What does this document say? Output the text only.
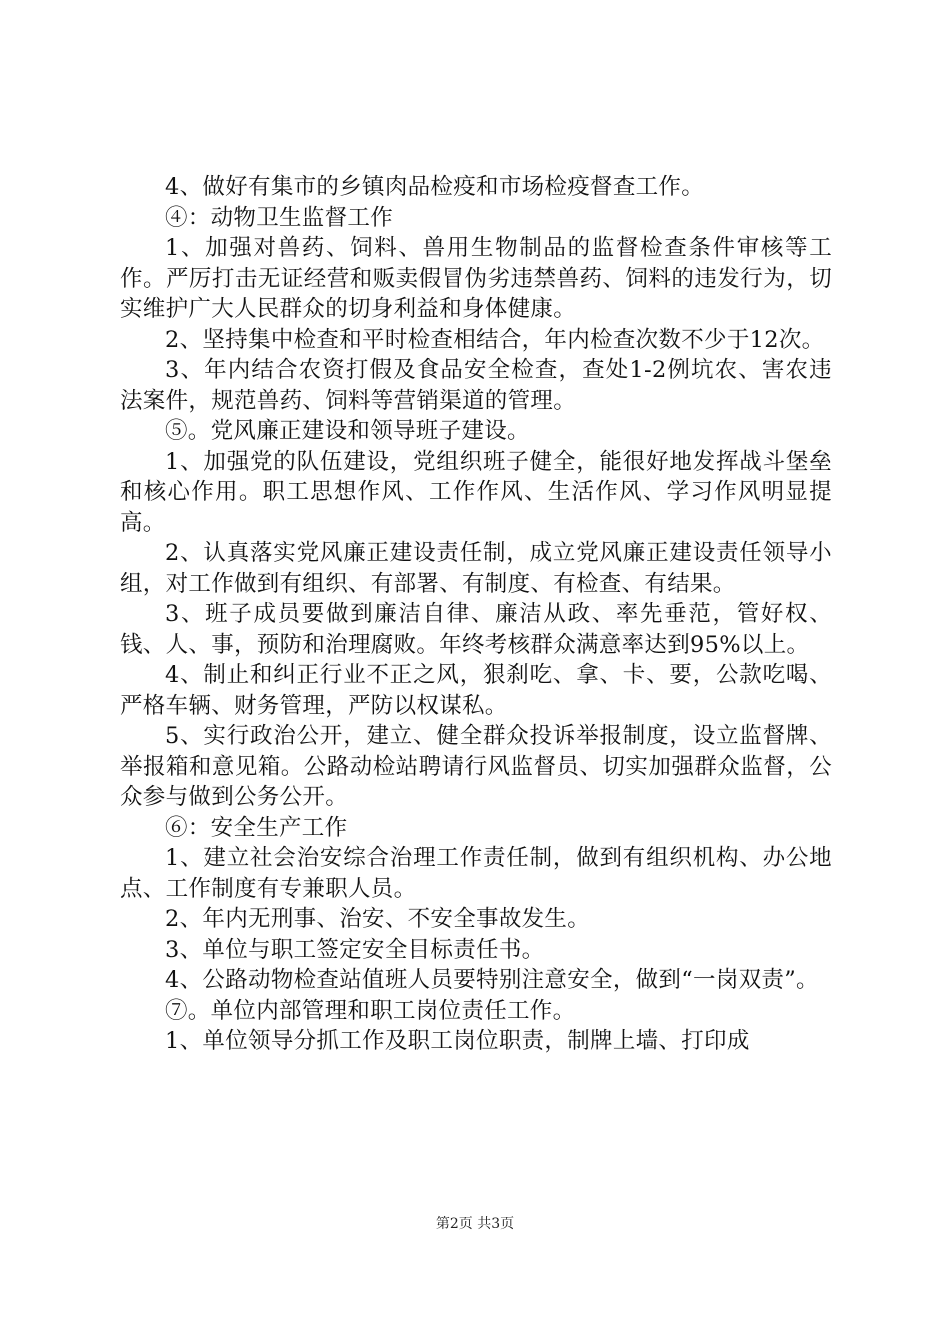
4、做好有集市的乡镇肉品检疫和市场检疫督查工作。

④：动物卫生监督工作

1、加强对兽药、饲料、兽用生物制品的监督检查条件审核等工作。严厉打击无证经营和贩卖假冒伪劣违禁兽药、饲料的违发行为，切实维护广大人民群众的切身利益和身体健康。

2、坚持集中检查和平时检查相结合，年内检查次数不少于12次。

3、年内结合农资打假及食品安全检查，查处1-2例坑农、害农违法案件，规范兽药、饲料等营销渠道的管理。

⑤。党风廉正建设和领导班子建设。

1、加强党的队伍建设，党组织班子健全，能很好地发挥战斗堡垒和核心作用。职工思想作风、工作作风、生活作风、学习作风明显提高。

2、认真落实党风廉正建设责任制，成立党风廉正建设责任领导小组，对工作做到有组织、有部署、有制度、有检查、有结果。

3、班子成员要做到廉洁自律、廉洁从政、率先垂范，管好权、钱、人、事，预防和治理腐败。年终考核群众满意率达到95%以上。

4、制止和纠正行业不正之风，狠刹吃、拿、卡、要，公款吃喝、严格车辆、财务管理，严防以权谋私。

5、实行政治公开，建立、健全群众投诉举报制度，设立监督牌、举报箱和意见箱。公路动检站聘请行风监督员、切实加强群众监督，公众参与做到公务公开。

⑥：安全生产工作

1、建立社会治安综合治理工作责任制，做到有组织机构、办公地点、工作制度有专兼职人员。

2、年内无刑事、治安、不安全事故发生。

3、单位与职工签定安全目标责任书。

4、公路动物检查站值班人员要特别注意安全，做到“一岗双责”。

⑦。单位内部管理和职工岗位责任工作。

1、单位领导分抓工作及职工岗位职责，制牌上墙、打印成

第2页 共3页
